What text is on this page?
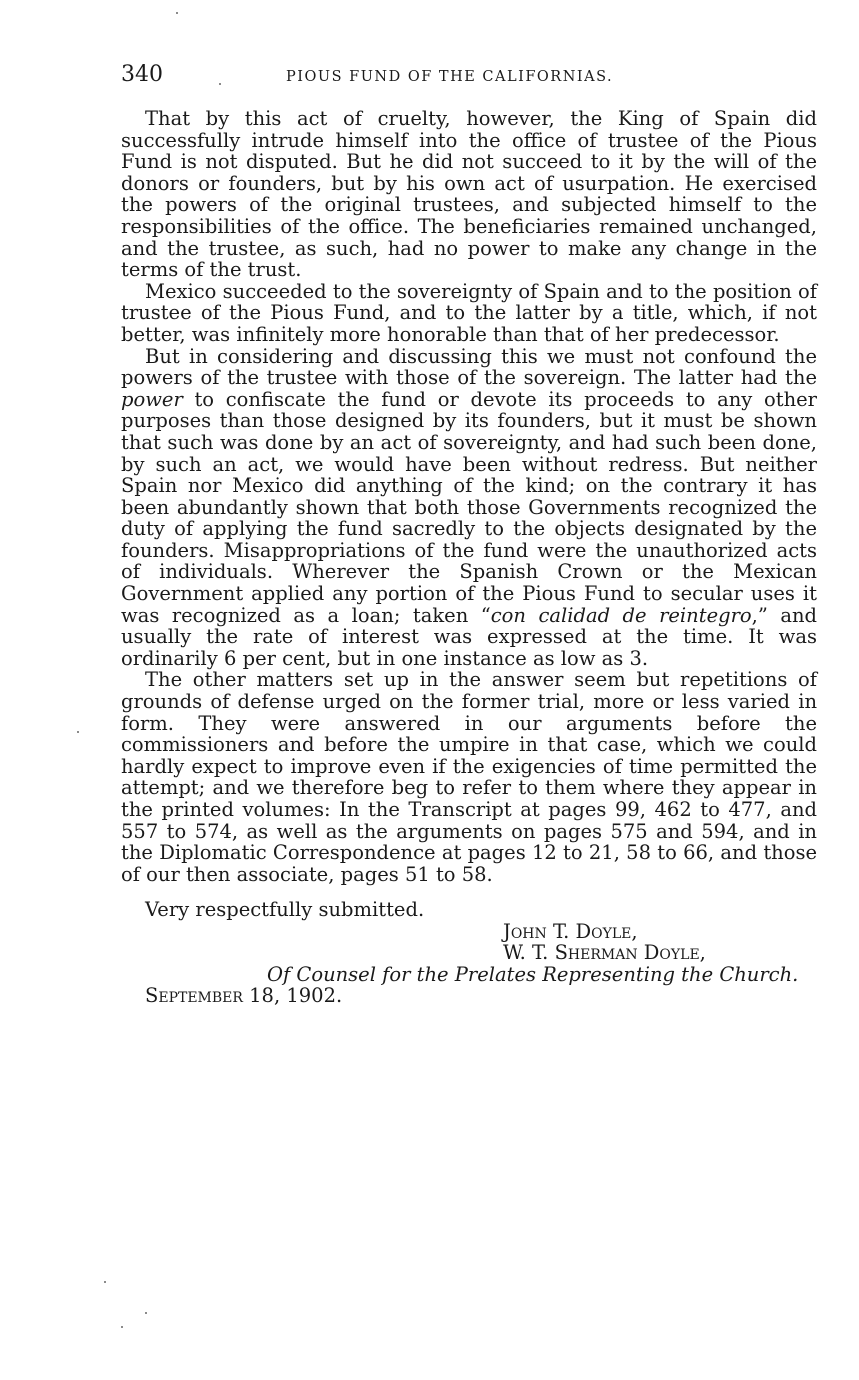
340	PIOUS FUND OF THE CALIFORNIAS.

That by this act of cruelty, however, the King of Spain did successfully intrude himself into the office of trustee of the Pious Fund is not disputed. But he did not succeed to it by the will of the donors or founders, but by his own act of usurpation. He exercised the powers of the original trustees, and subjected himself to the responsibilities of the office. The beneficiaries remained unchanged, and the trustee, as such, had no power to make any change in the terms of the trust.

Mexico succeeded to the sovereignty of Spain and to the position of trustee of the Pious Fund, and to the latter by a title, which, if not better, was infinitely more honorable than that of her predecessor.

But in considering and discussing this we must not confound the powers of the trustee with those of the sovereign. The latter had the power to confiscate the fund or devote its proceeds to any other purposes than those designed by its founders, but it must be shown that such was done by an act of sovereignty, and had such been done, by such an act, we would have been without redress. But neither Spain nor Mexico did anything of the kind; on the contrary it has been abundantly shown that both those Governments recognized the duty of applying the fund sacredly to the objects designated by the founders. Misappropriations of the fund were the unauthorized acts of individuals. Wherever the Spanish Crown or the Mexican Government applied any portion of the Pious Fund to secular uses it was recognized as a loan; taken “con calidad de reintegro,” and usually the rate of interest was expressed at the time. It was ordinarily 6 per cent, but in one instance as low as 3.

The other matters set up in the answer seem but repetitions of grounds of defense urged on the former trial, more or less varied in form. They were answered in our arguments before the commissioners and before the umpire in that case, which we could hardly expect to improve even if the exigencies of time permitted the attempt; and we therefore beg to refer to them where they appear in the printed volumes: In the Transcript at pages 99, 462 to 477, and 557 to 574, as well as the arguments on pages 575 and 594, and in the Diplomatic Correspondence at pages 12 to 21, 58 to 66, and those of our then associate, pages 51 to 58.

Very respectfully submitted.
John T. Doyle,
W. T. Sherman Doyle,
Of Counsel for the Prelates Representing the Church.
September 18, 1902.
